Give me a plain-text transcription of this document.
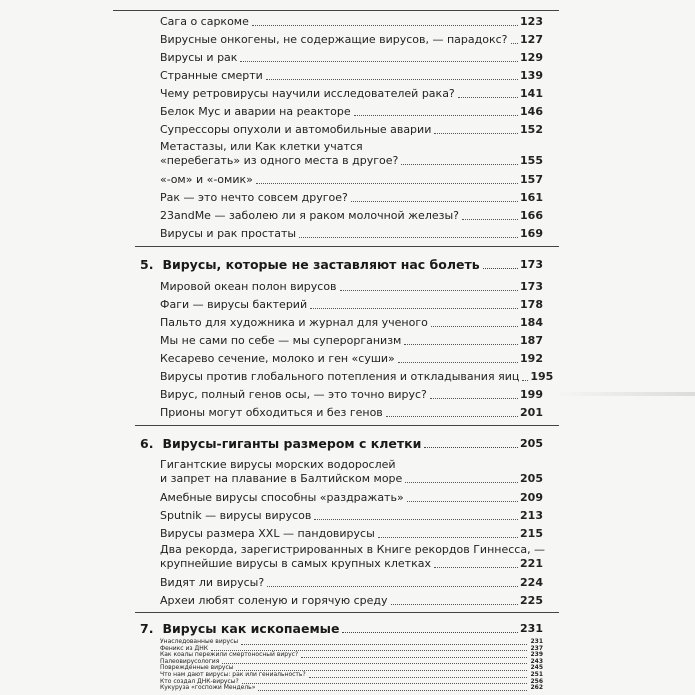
Сага о саркоме	123
Вирусные онкогены, не содержащие вирусов, — парадокс? 127
Вирусы и рак	129
Странные смерти	139
Чему ретровирусы научили исследователей рака?	141
Белок Мус и аварии на реакторе	146
Супрессоры опухоли и автомобильные аварии	152
Метастазы, или Как клетки учатся
«перебегать» из одного места в другое?	155
«-ом» и «-омик»	157
Рак — это нечто совсем другое?	161
23andMe — заболею ли я раком молочной железы?	166
Вирусы и рак простаты	169
5. Вирусы, которые не заставляют нас болеть	173
Мировой океан полон вирусов	173
Фаги — вирусы бактерий	178
Пальто для художника и журнал для ученого	184
Мы не сами по себе — мы суперорганизм	187
Кесарево сечение, молоко и ген «суши»	192
Вирусы против глобального потепления и откладывания яиц 195
Вирус, полный генов осы, — это точно вирус?	199
Прионы могут обходиться и без генов	201
6. Вирусы-гиганты размером с клетки	205
Гигантские вирусы морских водорослей
и запрет на плавание в Балтийском море	205
Амебные вирусы способны «раздражать»	209
Sputnik — вирусы вирусов	213
Вирусы размера XXL — пандовирусы	215
Два рекорда, зарегистрированных в Книге рекордов Гиннесса, —
крупнейшие вирусы в самых крупных клетках	221
Видят ли вирусы?	224
Археи любят соленую и горячую среду	225
7. Вирусы как ископаемые	231
Унаследованные вирусы	231
Феникс из ДНК	237
Как коалы пережили смертоносный вирус?	239
Палеовирусология	243
Поврежденные вирусы	245
Что нам дают вирусы: рак или гениальность?	251
Кто создал ДНК-вирусы?	256
Кукуруза «госпожи Мендель»	262
